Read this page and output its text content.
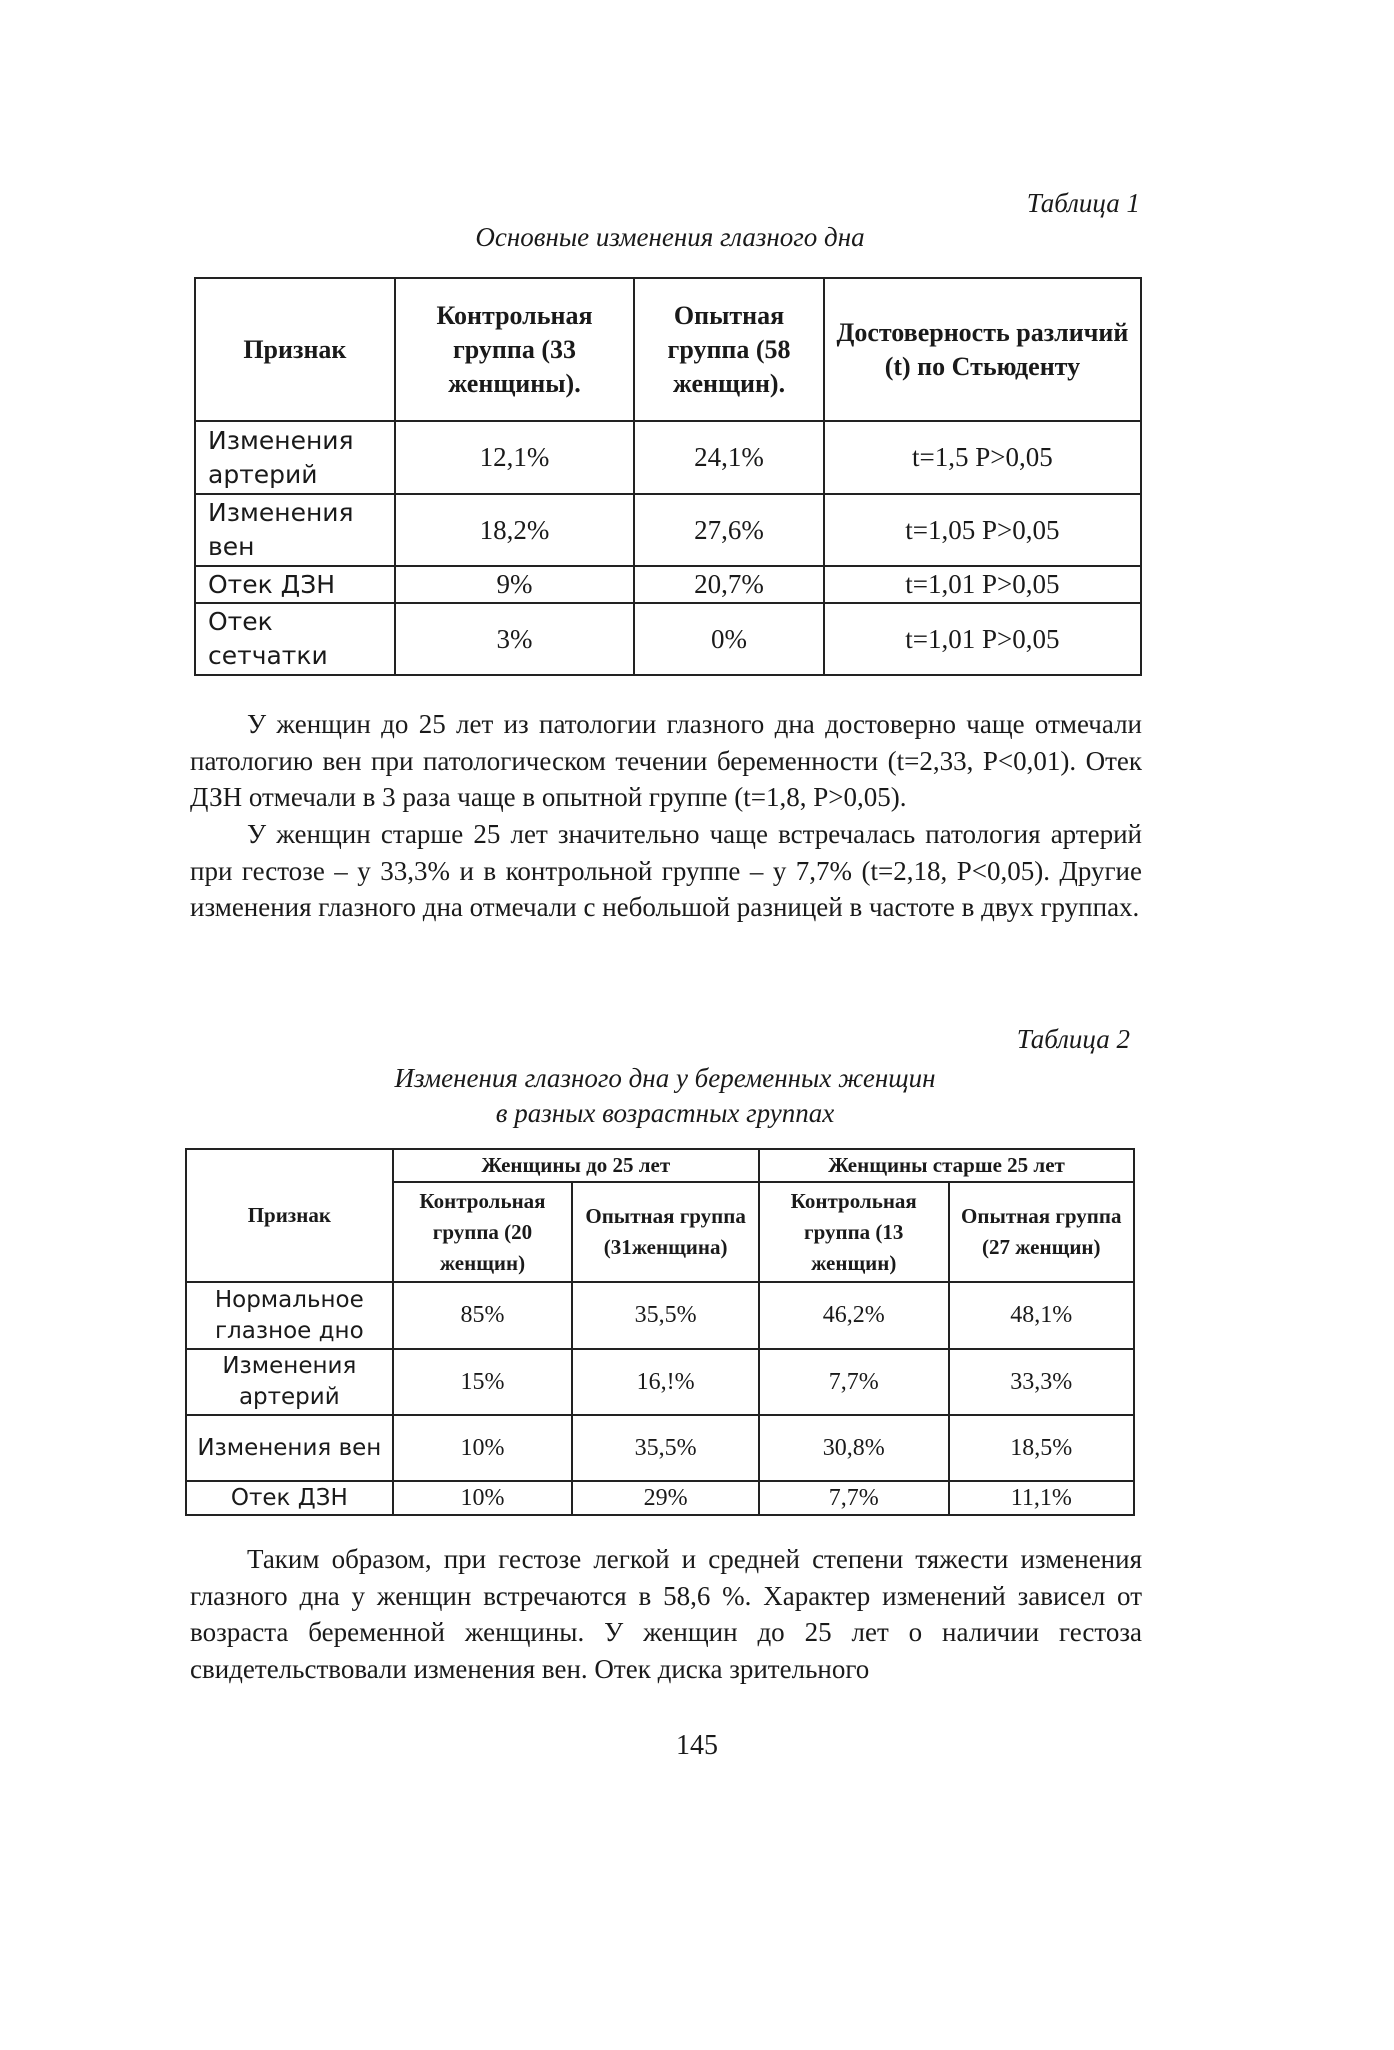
Таблица 1
Основные изменения глазного дна
Признак	Контрольная группа (33 женщины).	Опытная группа (58 женщин).	Достоверность различий (t) по Стьюденту
Изменения артерий	12,1%	24,1%	t=1,5 P>0,05
Изменения вен	18,2%	27,6%	t=1,05 P>0,05
Отек ДЗН	9%	20,7%	t=1,01 P>0,05
Отек сетчатки	3%	0%	t=1,01 P>0,05

У женщин до 25 лет из патологии глазного дна достоверно чаще отмечали патологию вен при патологическом течении беременности (t=2,33, P<0,01). Отек ДЗН отмечали в 3 раза чаще в опытной группе (t=1,8, P>0,05).

У женщин старше 25 лет значительно чаще встречалась патология артерий при гестозе – у 33,3% и в контрольной группе – у 7,7% (t=2,18, P<0,05). Другие изменения глазного дна отмечали с небольшой разницей в частоте в двух группах.

Таблица 2
Изменения глазного дна у беременных женщин
в разных возрастных группах
Признак	Женщины до 25 лет		Женщины старше 25 лет	
	Контрольная группа (20 женщин)	Опытная группа (31женщина)	Контрольная группа (13 женщин)	Опытная группа (27 женщин)
Нормальное глазное дно	85%	35,5%	46,2%	48,1%
Изменения артерий	15%	16,!%	7,7%	33,3%
Изменения вен	10%	35,5%	30,8%	18,5%
Отек ДЗН	10%	29%	7,7%	11,1%

Таким образом, при гестозе легкой и средней степени тяжести изменения глазного дна у женщин встречаются в 58,6 %. Характер изменений зависел от возраста беременной женщины. У женщин до 25 лет о наличии гестоза свидетельствовали изменения вен. Отек диска зрительного

145
